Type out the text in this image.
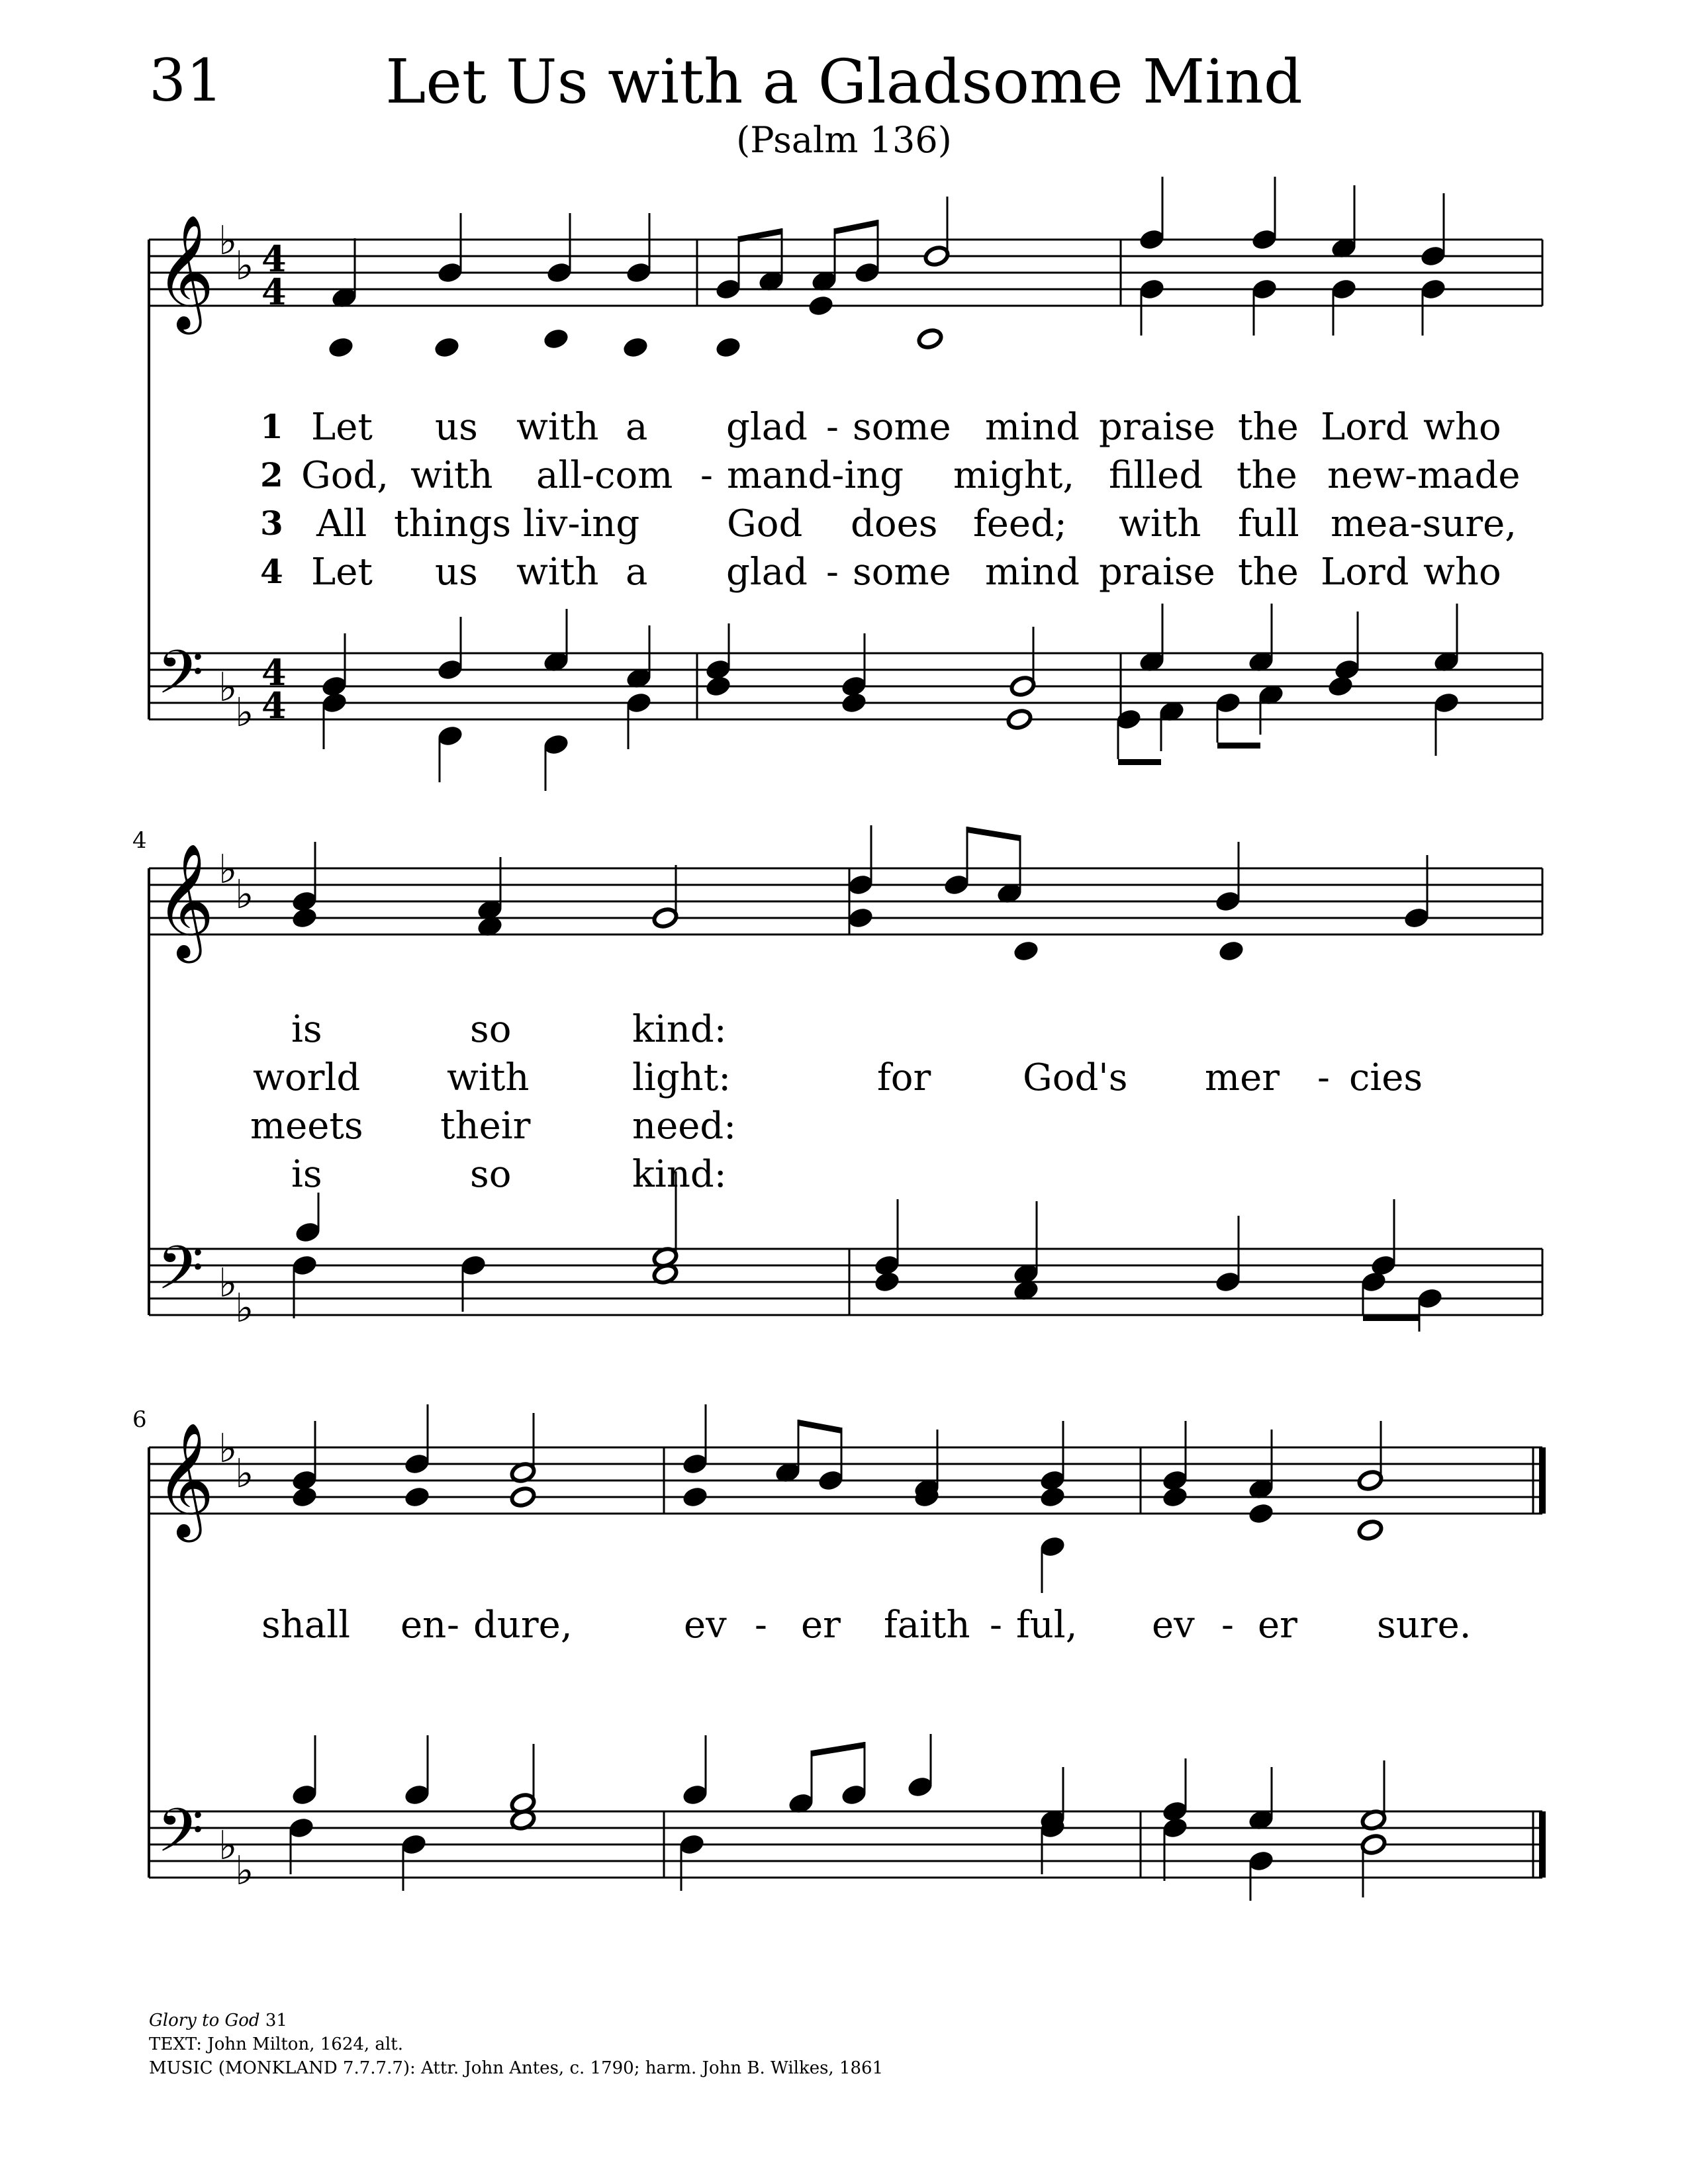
31	Let Us with a Gladsome Mind
(Psalm 136)
𝄞
𝄢
♭
♭
♭
♭
4
4
4
4
𝄞
𝄢
♭
♭
♭
♭
𝄞
𝄢
♭
♭
♭
♭
4
6
1
2
3
4
Let us with a glad - some mind praise the Lord who
God, with all-com - mand-ing might, filled the new-made
All things liv-ing God does feed; with full mea-sure,
Let us with a glad - some mind praise the Lord who
is	so	kind:
world with	light:	for God's mer - cies
meets their	need:
is	so	kind:
shall en - dure,	ev - er faith - ful, ev - er sure.
Glory to God 31
TEXT: John Milton, 1624, alt.
MUSIC (MONKLAND 7.7.7.7): Attr. John Antes, c. 1790; harm. John B. Wilkes, 1861
